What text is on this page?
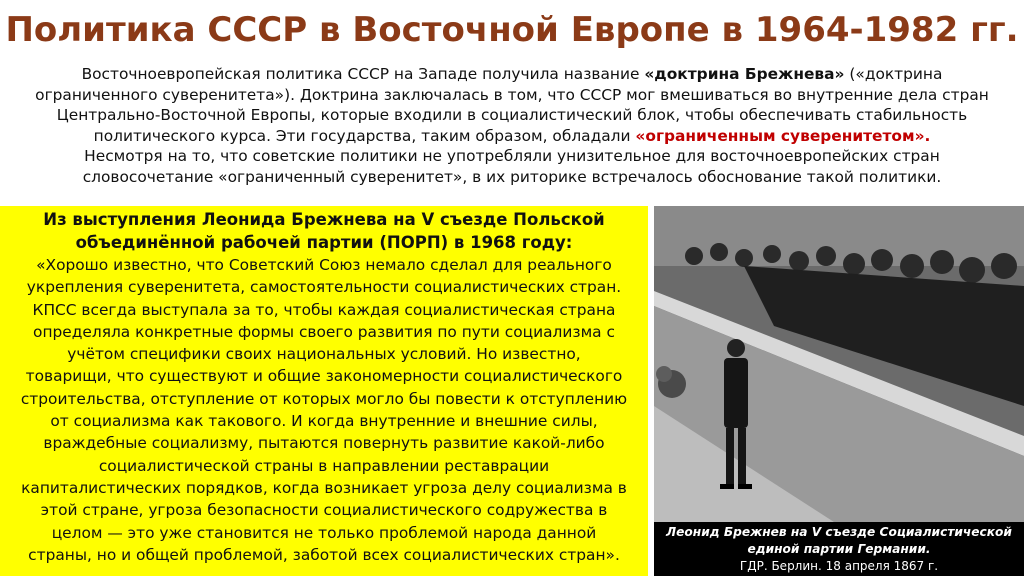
Политика СССР в Восточной Европе в 1964-1982 гг.
Восточноевропейская политика СССР на Западе получила название «доктрина Брежнева» («доктрина
ограниченного суверенитета»). Доктрина заключалась в том, что СССР мог вмешиваться во внутренние дела стран
Центрально-Восточной Европы, которые входили в социалистический блок, чтобы обеспечивать стабильность
политического курса. Эти государства, таким образом, обладали «ограниченным суверенитетом».
Несмотря на то, что советские политики не употребляли унизительное для восточноевропейских стран
словосочетание «ограниченный суверенитет», в их риторике встречалось обоснование такой политики.
Из выступления Леонида Брежнева на V съезде Польской
объединённой рабочей партии (ПОРП) в 1968 году:
«Хорошо известно, что Советский Союз немало сделал для реального
укрепления суверенитета, самостоятельности социалистических стран.
КПСС всегда выступала за то, чтобы каждая социалистическая страна
определяла конкретные формы своего развития по пути социализма с
учётом специфики своих национальных условий. Но известно,
товарищи, что существуют и общие закономерности социалистического
строительства, отступление от которых могло бы повести к отступлению
от социализма как такового. И когда внутренние и внешние силы,
враждебные социализму, пытаются повернуть развитие какой-либо
социалистической страны в направлении реставрации
капиталистических порядков, когда возникает угроза делу социализма в
этой стране, угроза безопасности социалистического содружества в
целом — это уже становится не только проблемой народа данной
страны, но и общей проблемой, заботой всех социалистических стран».
Леонид Брежнев на V съезде Социалистической
единой партии Германии.
ГДР. Берлин. 18 апреля 1867 г.
